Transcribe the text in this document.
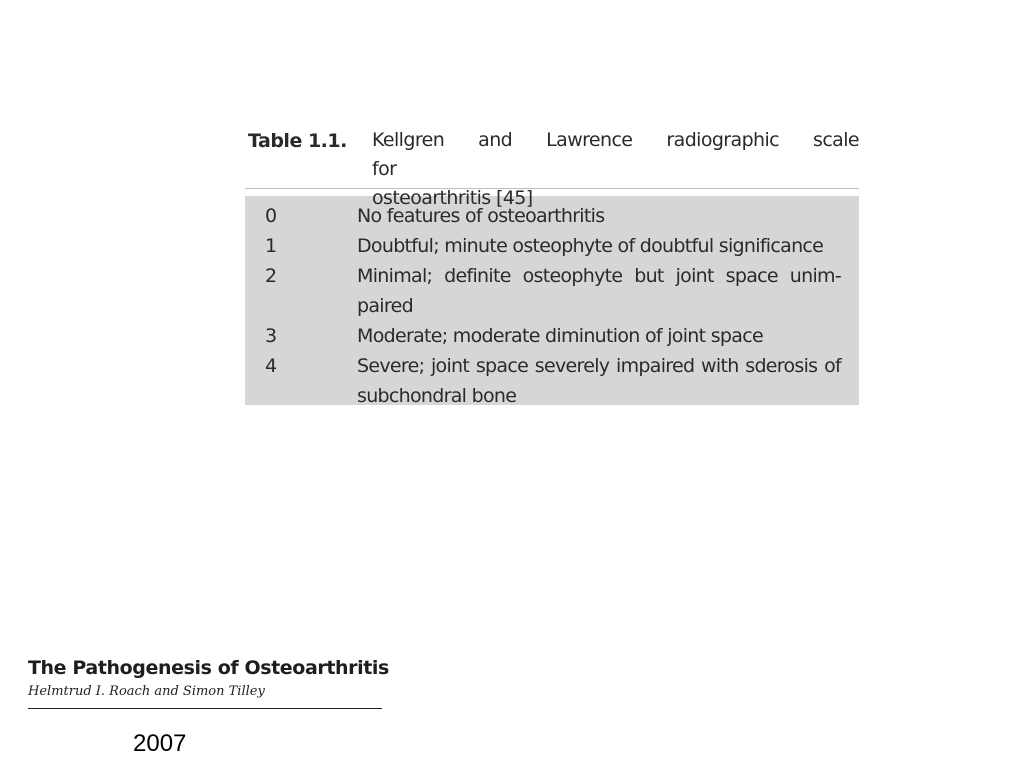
Table 1.1.	Kellgren and Lawrence radiographic scale for
osteoarthritis [45]
0	No features of osteoarthritis
1	Doubtful; minute osteophyte of doubtful significance
2	Minimal; definite osteophyte but joint space unim-paired
3	Moderate; moderate diminution of joint space
4	Severe; joint space severely impaired with sderosis of subchondral bone
The Pathogenesis of Osteoarthritis
Helmtrud I. Roach and Simon Tilley
2007
